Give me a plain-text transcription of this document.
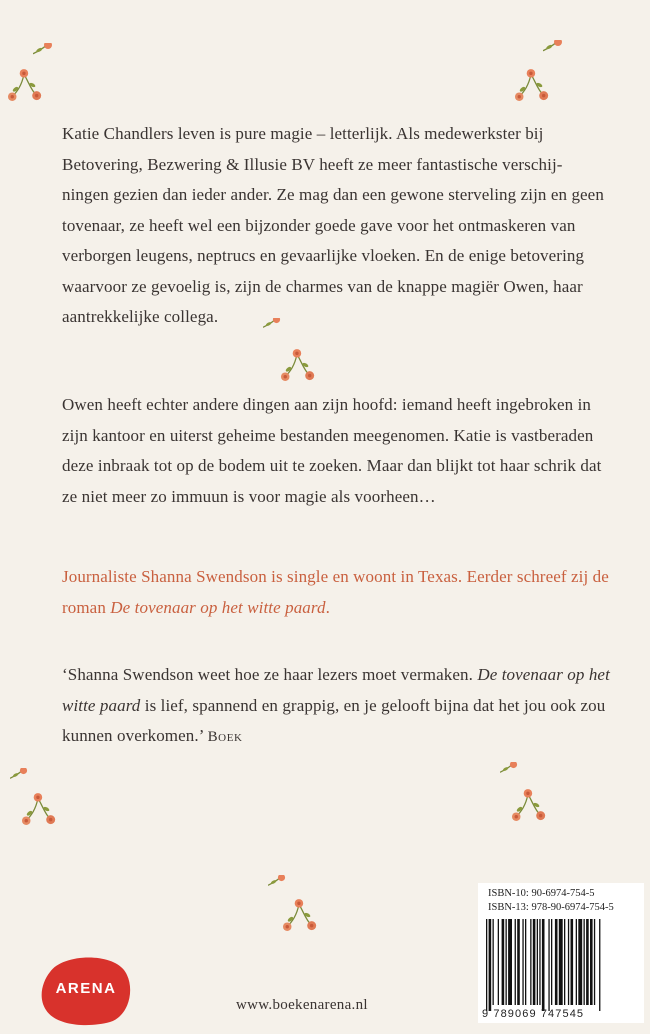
Katie Chandlers leven is pure magie – letterlijk. Als medewerkster bij
Betovering, Bezwering & Illusie BV heeft ze meer fantastische verschij-
ningen gezien dan ieder ander. Ze mag dan een gewone sterveling zijn en geen
tovenaar, ze heeft wel een bijzonder goede gave voor het ontmaskeren van
verborgen leugens, neptrucs en gevaarlijke vloeken. En de enige betovering
waarvoor ze gevoelig is, zijn de charmes van de knappe magiër Owen, haar
aantrekkelijke collega.
Owen heeft echter andere dingen aan zijn hoofd: iemand heeft ingebroken in
zijn kantoor en uiterst geheime bestanden meegenomen. Katie is vastberaden
deze inbraak tot op de bodem uit te zoeken. Maar dan blijkt tot haar schrik dat
ze niet meer zo immuun is voor magie als voorheen…
Journaliste Shanna Swendson is single en woont in Texas. Eerder schreef zij de
roman De tovenaar op het witte paard.
‘Shanna Swendson weet hoe ze haar lezers moet vermaken. De tovenaar op het
witte paard is lief, spannend en grappig, en je gelooft bijna dat het jou ook zou
kunnen overkomen.’ Boek
ISBN-10: 90-6974-754-5
ISBN-13: 978-90-6974-754-5
9 789069 747545
ARENA
www.boekenarena.nl
